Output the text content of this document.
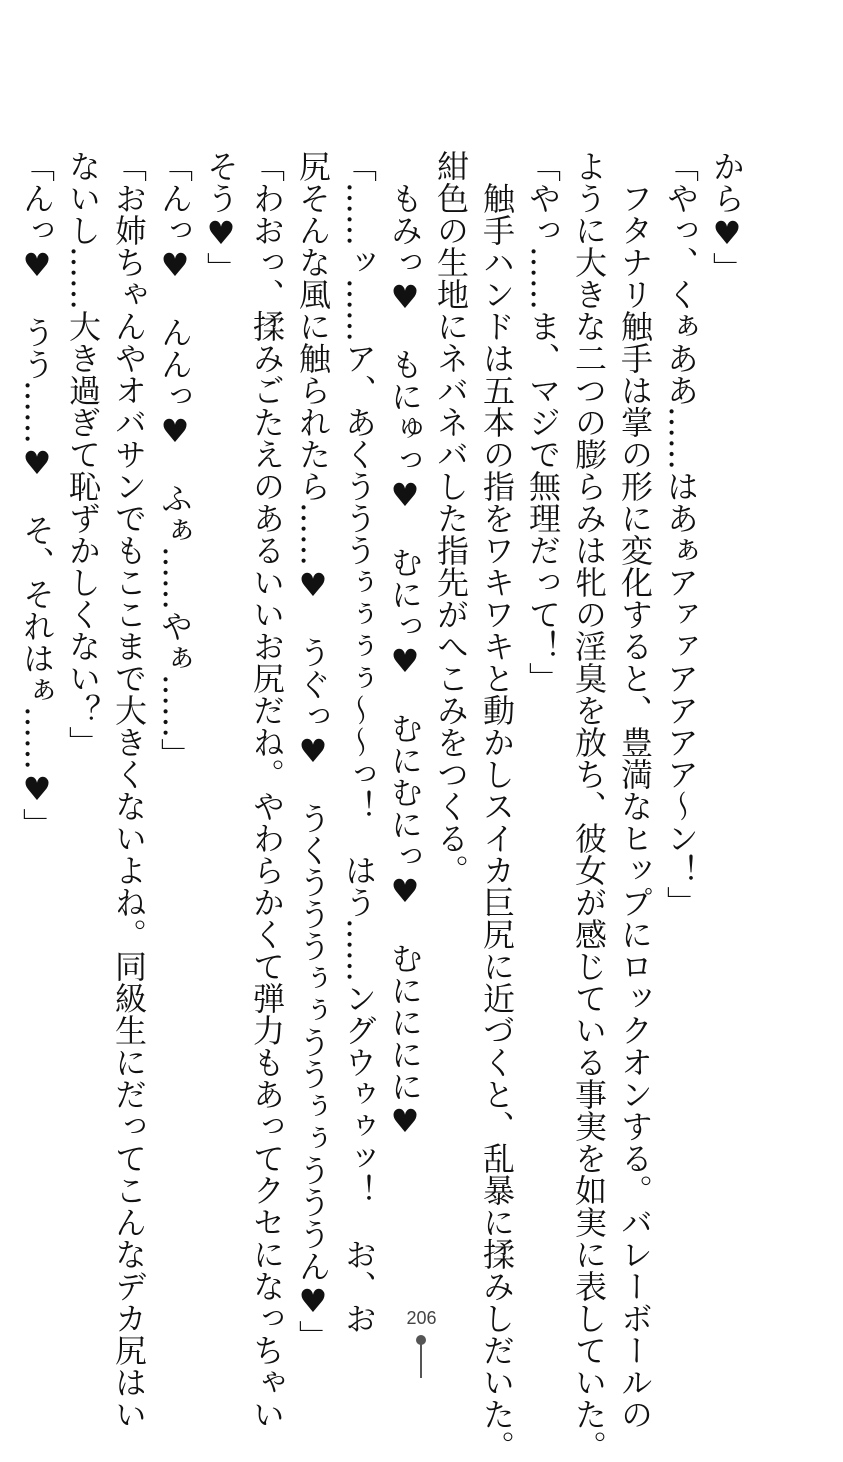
から♥」
「やっ、くぁああ……はあぁアァァアアアア〜ン！」
　フタナリ触手は掌の形に変化すると、豊満なヒップにロックオンする。バレーボールの
ように大きな二つの膨らみは牝の淫臭を放ち、彼女が感じている事実を如実に表していた。
「やっ……ま、マジで無理だって！」
　触手ハンドは五本の指をワキワキと動かしスイカ巨尻に近づくと、乱暴に揉みしだいた。
紺色の生地にネバネバした指先がへこみをつくる。
　もみっ♥　もにゅっ♥　むにっ♥　むにむにっ♥　むにににに♥
「……ッ……ア、あくうううぅぅぅぅ〜〜っ！　はう……ングウゥゥッ！　お、お
尻そんな風に触られたら……♥　うぐっ♥　うくうううぅぅううぅぅうううん♥」
「わおっ、揉みごたえのあるいいお尻だね。やわらかくて弾力もあってクセになっちゃい
そう♥」
「んっ♥　んんっ♥　ふぁ……やぁ……」
「お姉ちゃんやオバサンでもここまで大きくないよね。同級生にだってこんなデカ尻はい
ないし……大き過ぎて恥ずかしくない？」
「んっ♥　うう……♥　そ、それはぁ……♥」
206
